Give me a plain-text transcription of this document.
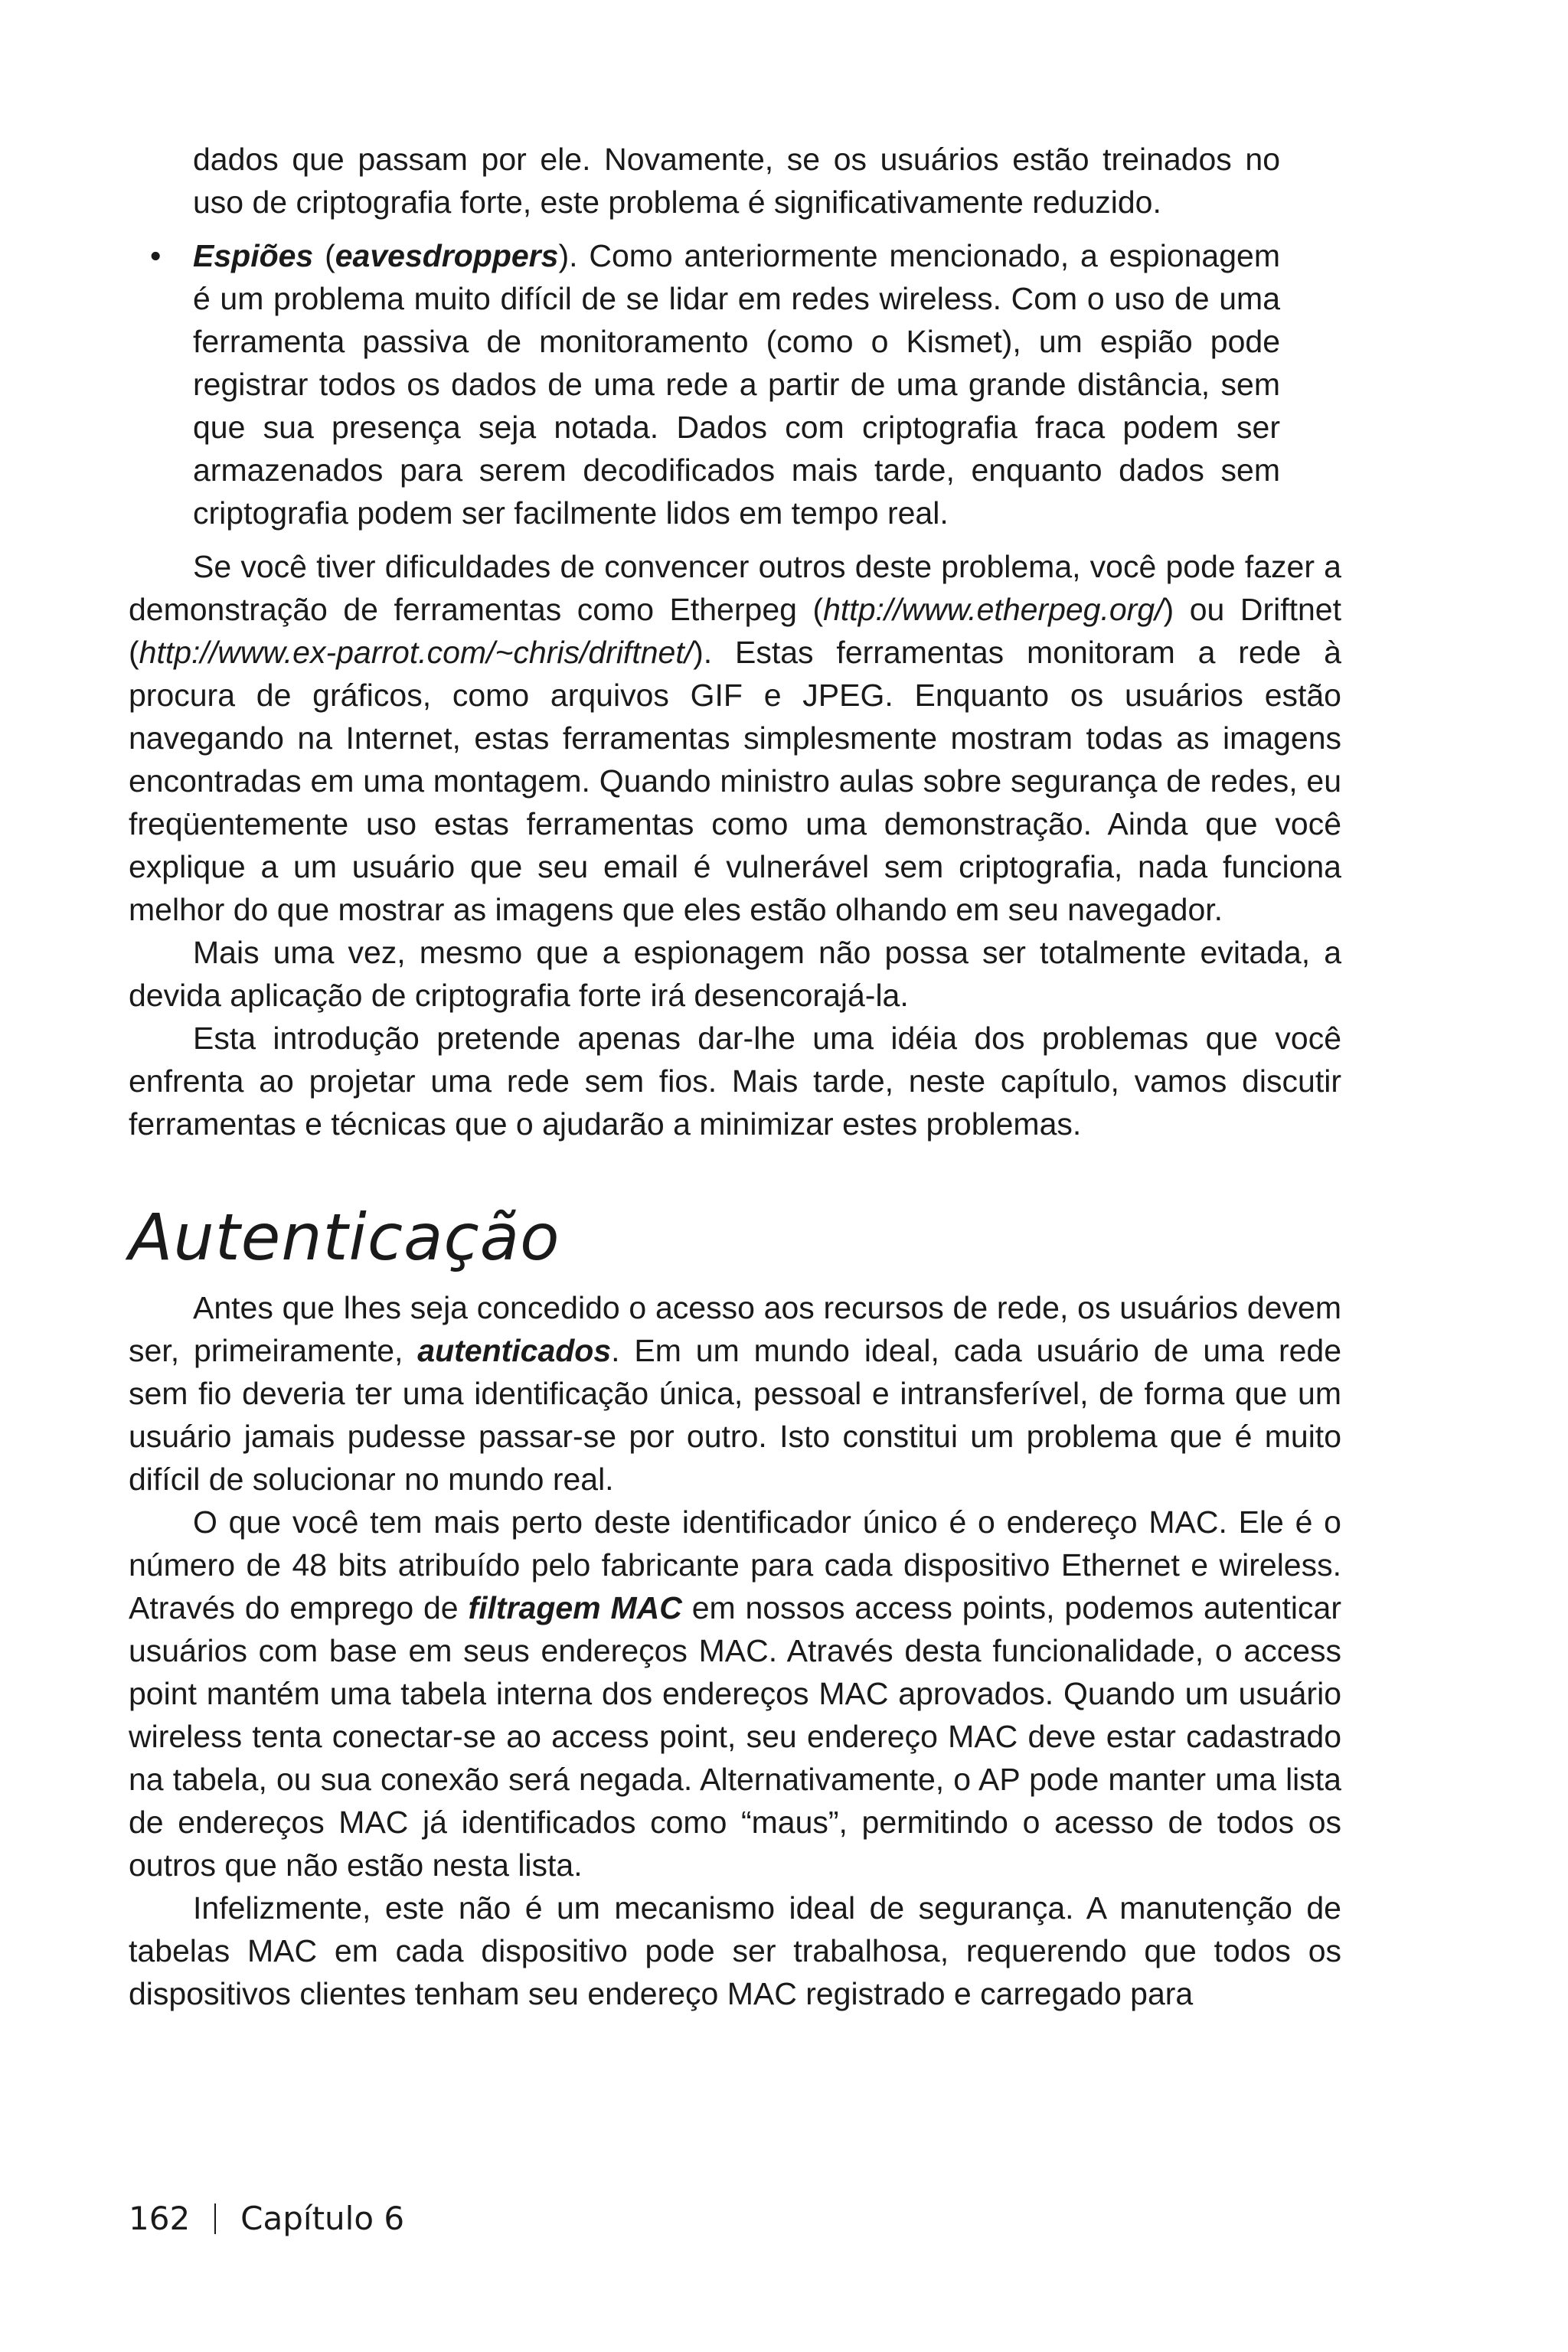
dados que passam por ele. Novamente, se os usuários estão treinados no uso de criptografia forte, este problema é significativamente reduzido.

• Espiões (eavesdroppers). Como anteriormente mencionado, a espionagem é um problema muito difícil de se lidar em redes wireless. Com o uso de uma ferramenta passiva de monitoramento (como o Kismet), um espião pode registrar todos os dados de uma rede a partir de uma grande distância, sem que sua presença seja notada. Dados com criptografia fraca podem ser armazenados para serem decodificados mais tarde, enquanto dados sem criptografia podem ser facilmente lidos em tempo real.

Se você tiver dificuldades de convencer outros deste problema, você pode fazer a demonstração de ferramentas como Etherpeg (http://www.etherpeg.org/) ou Driftnet (http://www.ex-parrot.com/~chris/driftnet/). Estas ferramentas monitoram a rede à procura de gráficos, como arquivos GIF e JPEG. Enquanto os usuários estão navegando na Internet, estas ferramentas simplesmente mostram todas as imagens encontradas em uma montagem. Quando ministro aulas sobre segurança de redes, eu freqüentemente uso estas ferramentas como uma demonstração. Ainda que você explique a um usuário que seu email é vulnerável sem criptografia, nada funciona melhor do que mostrar as imagens que eles estão olhando em seu navegador.

Mais uma vez, mesmo que a espionagem não possa ser totalmente evitada, a devida aplicação de criptografia forte irá desencorajá-la.

Esta introdução pretende apenas dar-lhe uma idéia dos problemas que você enfrenta ao projetar uma rede sem fios. Mais tarde, neste capítulo, vamos discutir ferramentas e técnicas que o ajudarão a minimizar estes problemas.

Autenticação

Antes que lhes seja concedido o acesso aos recursos de rede, os usuários devem ser, primeiramente, autenticados. Em um mundo ideal, cada usuário de uma rede sem fio deveria ter uma identificação única, pessoal e intransferível, de forma que um usuário jamais pudesse passar-se por outro. Isto constitui um problema que é muito difícil de solucionar no mundo real.

O que você tem mais perto deste identificador único é o endereço MAC. Ele é o número de 48 bits atribuído pelo fabricante para cada dispositivo Ethernet e wireless. Através do emprego de filtragem MAC em nossos access points, podemos autenticar usuários com base em seus endereços MAC. Através desta funcionalidade, o access point mantém uma tabela interna dos endereços MAC aprovados. Quando um usuário wireless tenta conectar-se ao access point, seu endereço MAC deve estar cadastrado na tabela, ou sua conexão será negada. Alternativamente, o AP pode manter uma lista de endereços MAC já identificados como “maus”, permitindo o acesso de todos os outros que não estão nesta lista.

Infelizmente, este não é um mecanismo ideal de segurança. A manutenção de tabelas MAC em cada dispositivo pode ser trabalhosa, requerendo que todos os dispositivos clientes tenham seu endereço MAC registrado e carregado para

162 Capítulo 6
